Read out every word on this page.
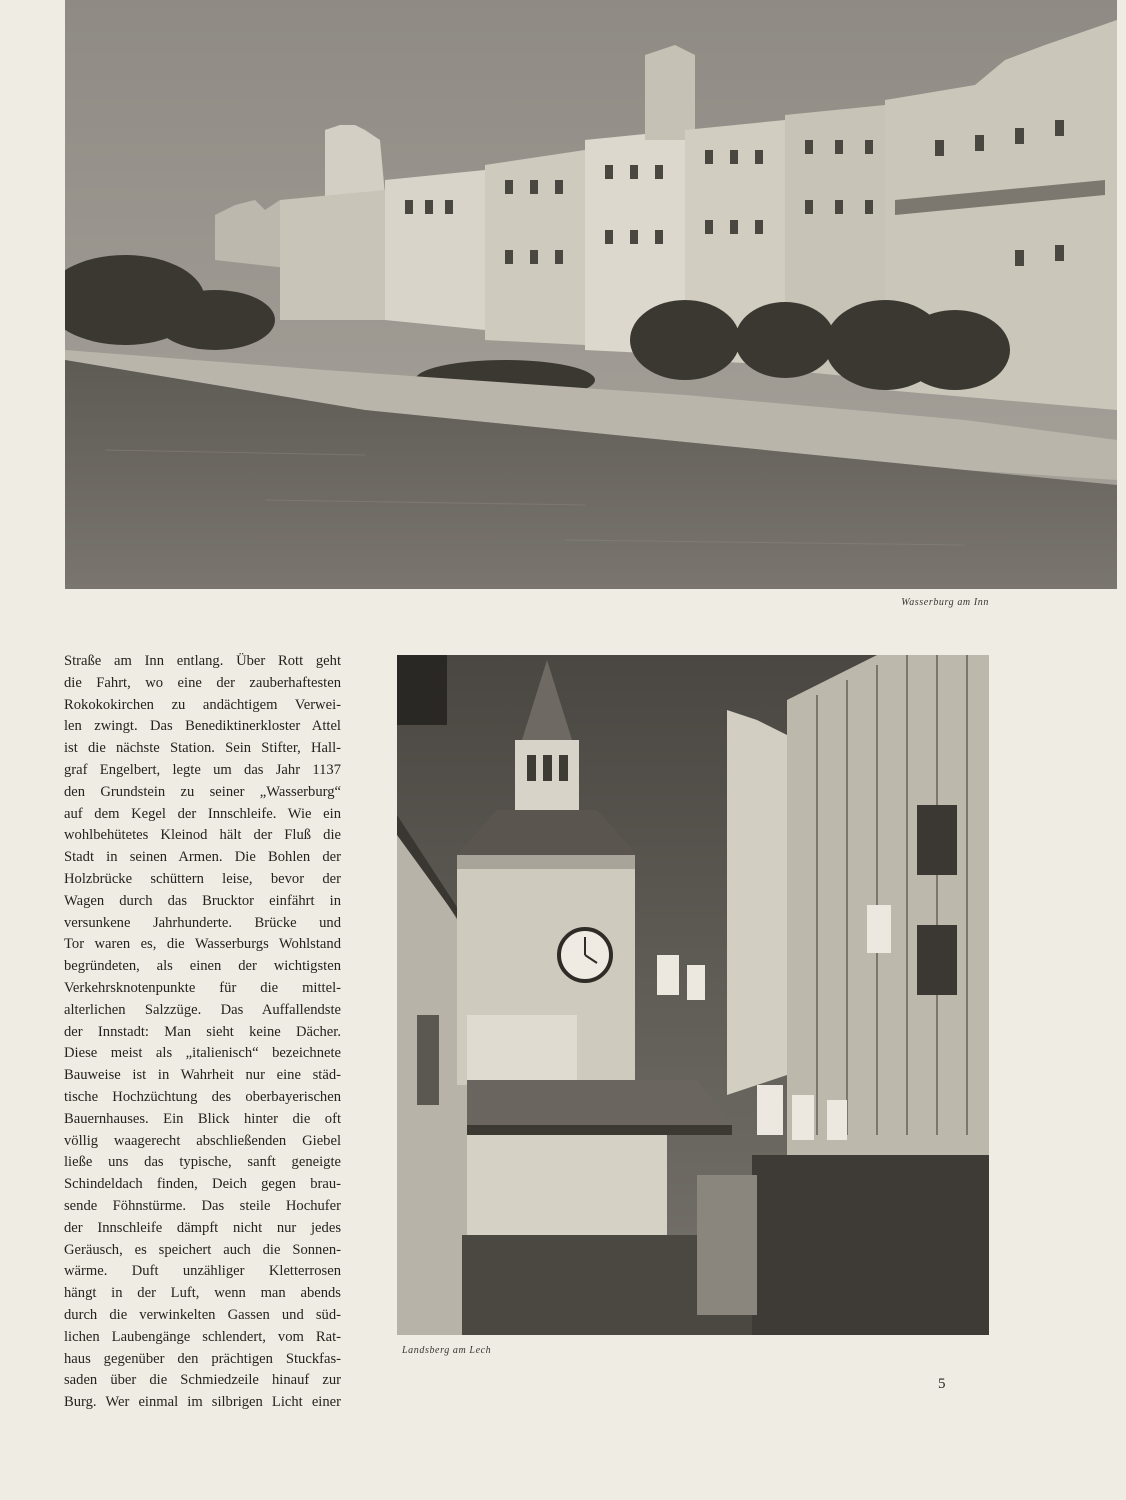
Wasserburg am Inn
Straße am Inn entlang. Über Rott geht
die Fahrt, wo eine der zauberhaftesten
Rokokokirchen zu andächtigem Verwei-
len zwingt. Das Benediktinerkloster Attel
ist die nächste Station. Sein Stifter, Hall-
graf Engelbert, legte um das Jahr 1137
den Grundstein zu seiner „Wasserburg“
auf dem Kegel der Innschleife. Wie ein
wohlbehütetes Kleinod hält der Fluß die
Stadt in seinen Armen. Die Bohlen der
Holzbrücke schüttern leise, bevor der
Wagen durch das Brucktor einfährt in
versunkene Jahrhunderte. Brücke und
Tor waren es, die Wasserburgs Wohlstand
begründeten, als einen der wichtigsten
Verkehrsknotenpunkte für die mittel-
alterlichen Salzzüge. Das Auffallendste
der Innstadt: Man sieht keine Dächer.
Diese meist als „italienisch“ bezeichnete
Bauweise ist in Wahrheit nur eine städ-
tische Hochzüchtung des oberbayerischen
Bauernhauses. Ein Blick hinter die oft
völlig waagerecht abschließenden Giebel
ließe uns das typische, sanft geneigte
Schindeldach finden, Deich gegen brau-
sende Föhnstürme. Das steile Hochufer
der Innschleife dämpft nicht nur jedes
Geräusch, es speichert auch die Sonnen-
wärme. Duft unzähliger Kletterrosen
hängt in der Luft, wenn man abends
durch die verwinkelten Gassen und süd-
lichen Laubengänge schlendert, vom Rat-
haus gegenüber den prächtigen Stuckfas-
saden über die Schmiedzeile hinauf zur
Burg. Wer einmal im silbrigen Licht einer
Landsberg am Lech
5
